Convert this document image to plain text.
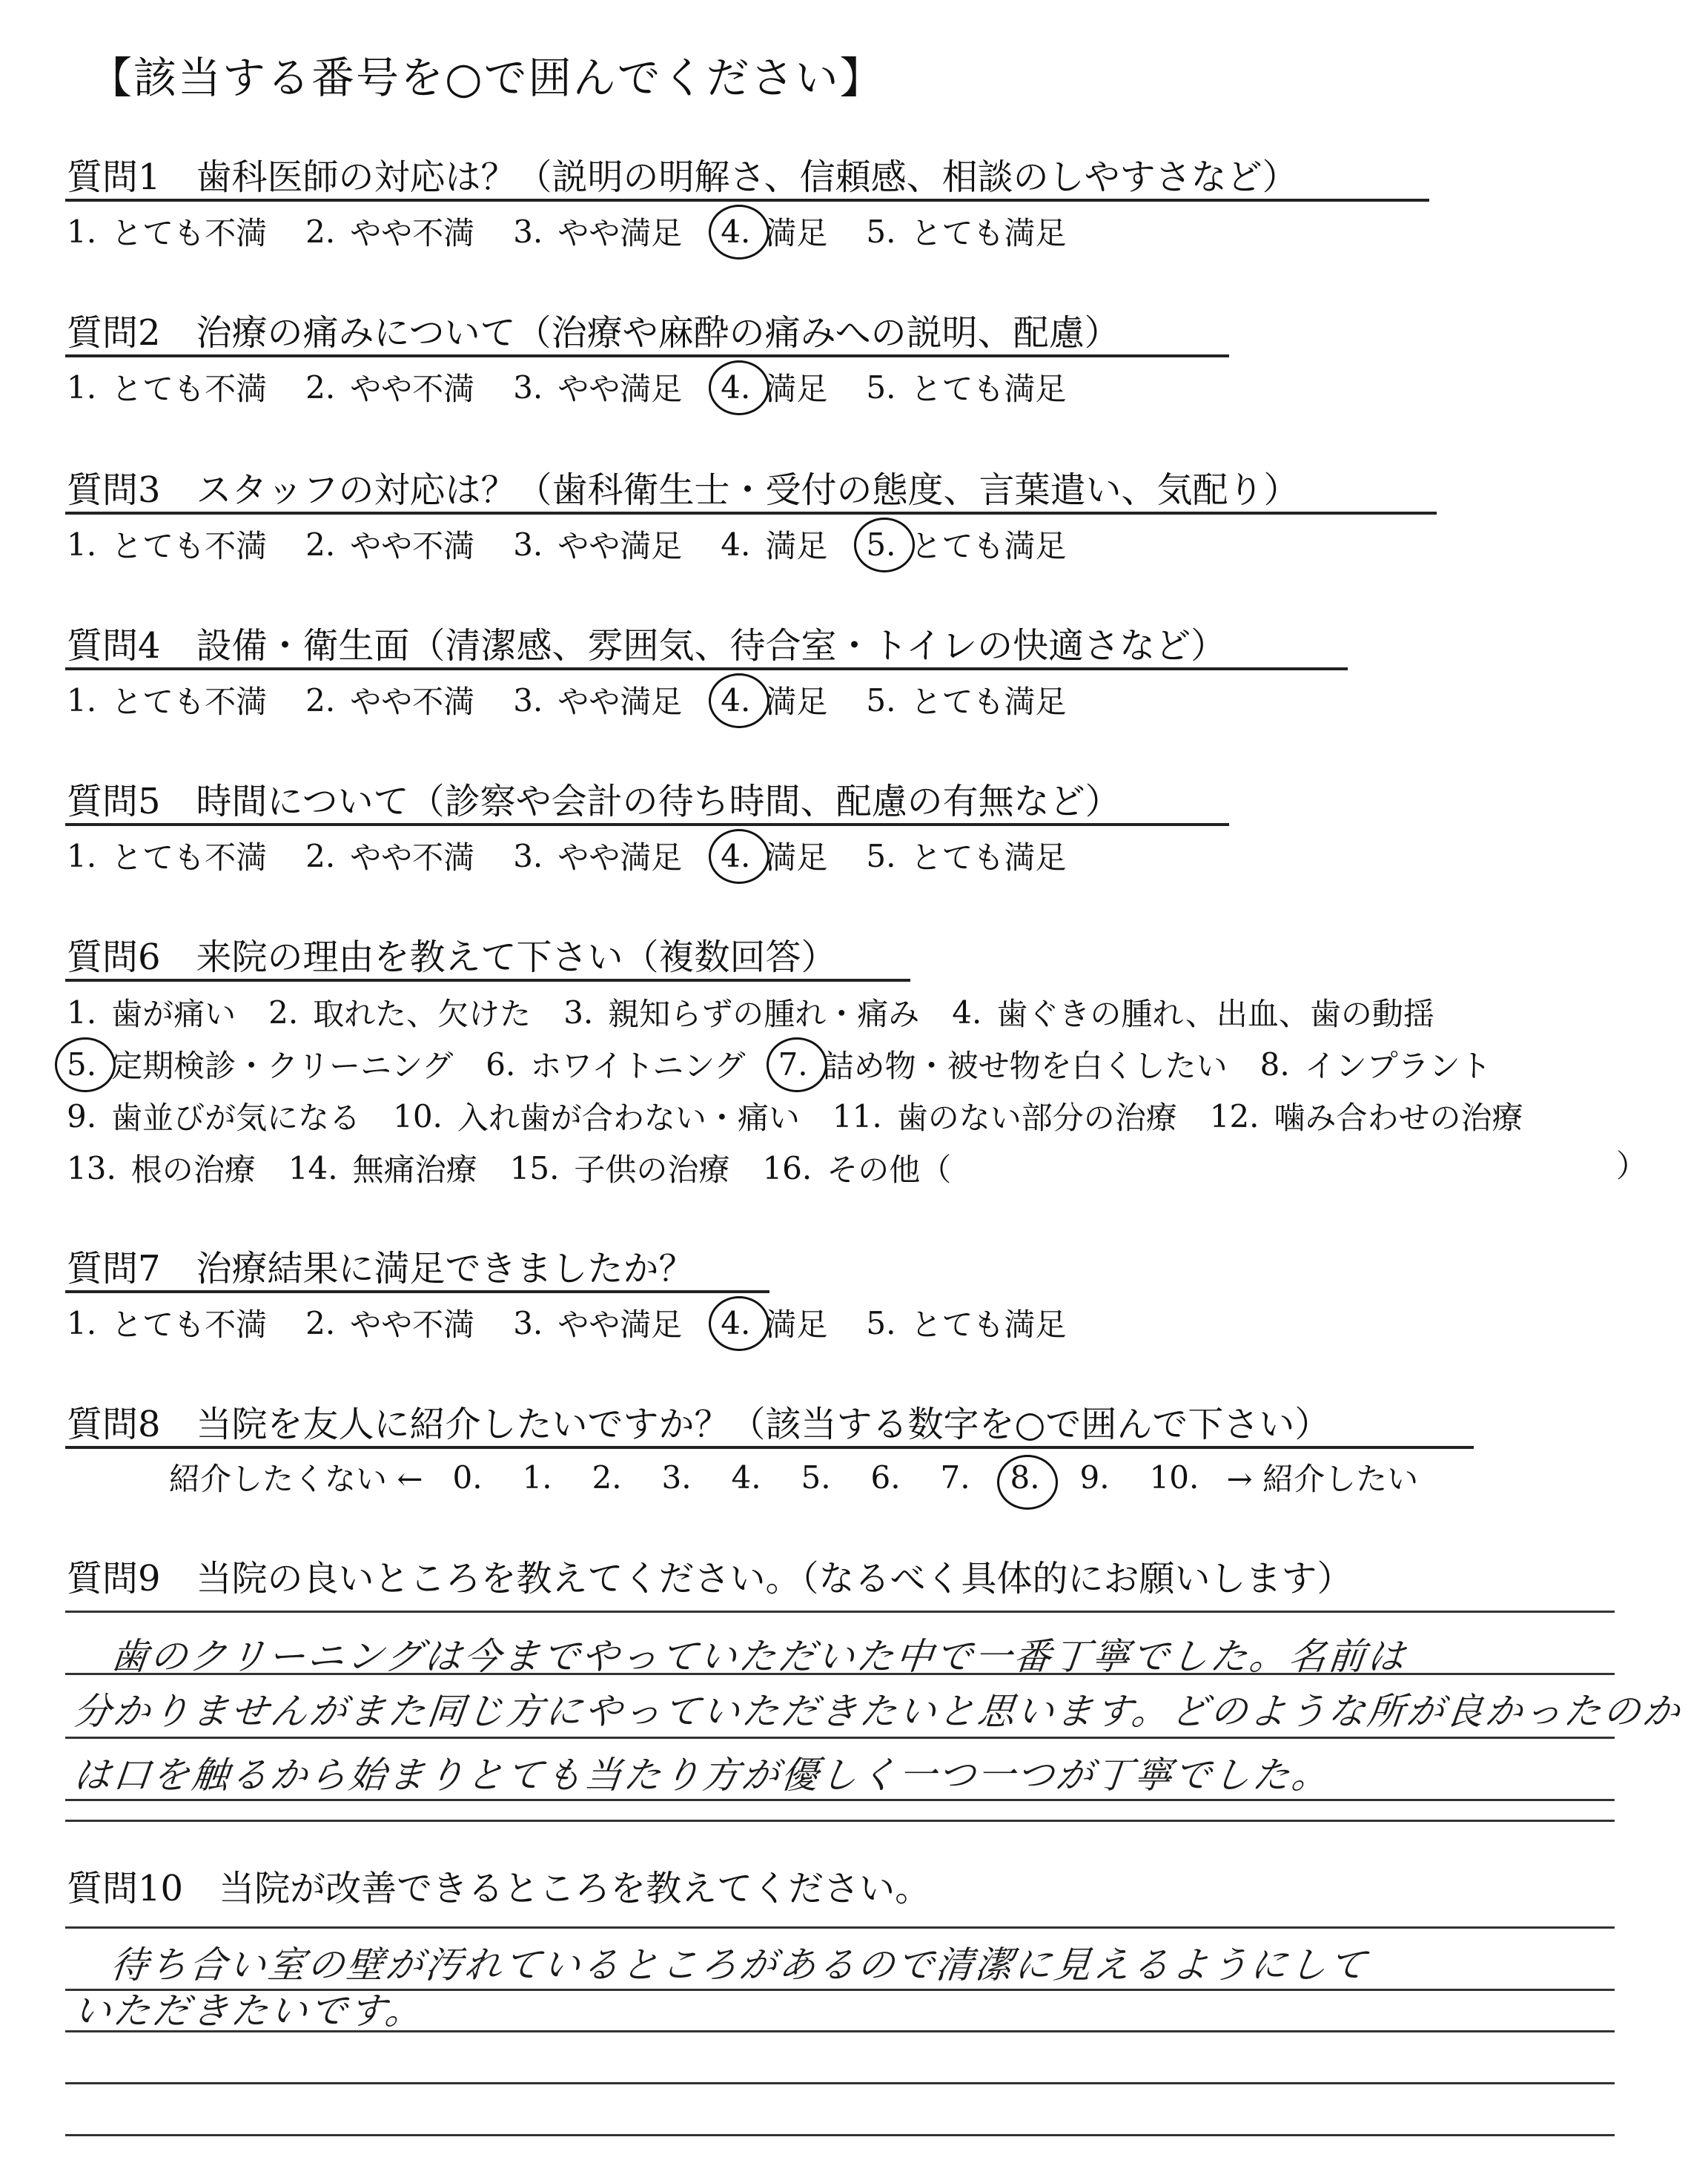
【該当する番号を○で囲んでください】
質問1　歯科医師の対応は？（説明の明解さ、信頼感、相談のしやすさなど）
1. とても不満 2. やや不満 3. やや満足 4. 満足 5. とても満足
質問2　治療の痛みについて（治療や麻酔の痛みへの説明、配慮）
1. とても不満 2. やや不満 3. やや満足 4. 満足 5. とても満足
質問3　スタッフの対応は？（歯科衛生士・受付の態度、言葉遣い、気配り）
1. とても不満 2. やや不満 3. やや満足 4. 満足 5. とても満足
質問4　設備・衛生面（清潔感、雰囲気、待合室・トイレの快適さなど）
1. とても不満 2. やや不満 3. やや満足 4. 満足 5. とても満足
質問5　時間について（診察や会計の待ち時間、配慮の有無など）
1. とても不満 2. やや不満 3. やや満足 4. 満足 5. とても満足
質問6　来院の理由を教えて下さい（複数回答）
1. 歯が痛い 2. 取れた、欠けた 3. 親知らずの腫れ・痛み 4. 歯ぐきの腫れ、出血、歯の動揺
5. 定期検診・クリーニング 6. ホワイトニング 7. 詰め物・被せ物を白くしたい 8. インプラント
9. 歯並びが気になる 10. 入れ歯が合わない・痛い 11. 歯のない部分の治療 12. 噛み合わせの治療
13. 根の治療 14. 無痛治療 15. 子供の治療 16. その他（	）
質問7　治療結果に満足できましたか？
1. とても不満 2. やや不満 3. やや満足 4. 満足 5. とても満足
質問8　当院を友人に紹介したいですか？（該当する数字を○で囲んで下さい）
紹介したくない ← 0.	1.	2.	3.	4.	5.	6.	7.	8.	9.	10. → 紹介したい
質問9　当院の良いところを教えてください。（なるべく具体的にお願いします）
歯のクリーニングは今までやっていただいた中で一番丁寧でした。名前は
分かりませんがまた同じ方にやっていただきたいと思います。どのような所が良かったのか
は口を触るから始まりとても当たり方が優しく一つ一つが丁寧でした。
質問10　当院が改善できるところを教えてください。
待ち合い室の壁が汚れているところがあるので清潔に見えるようにして
いただきたいです。
